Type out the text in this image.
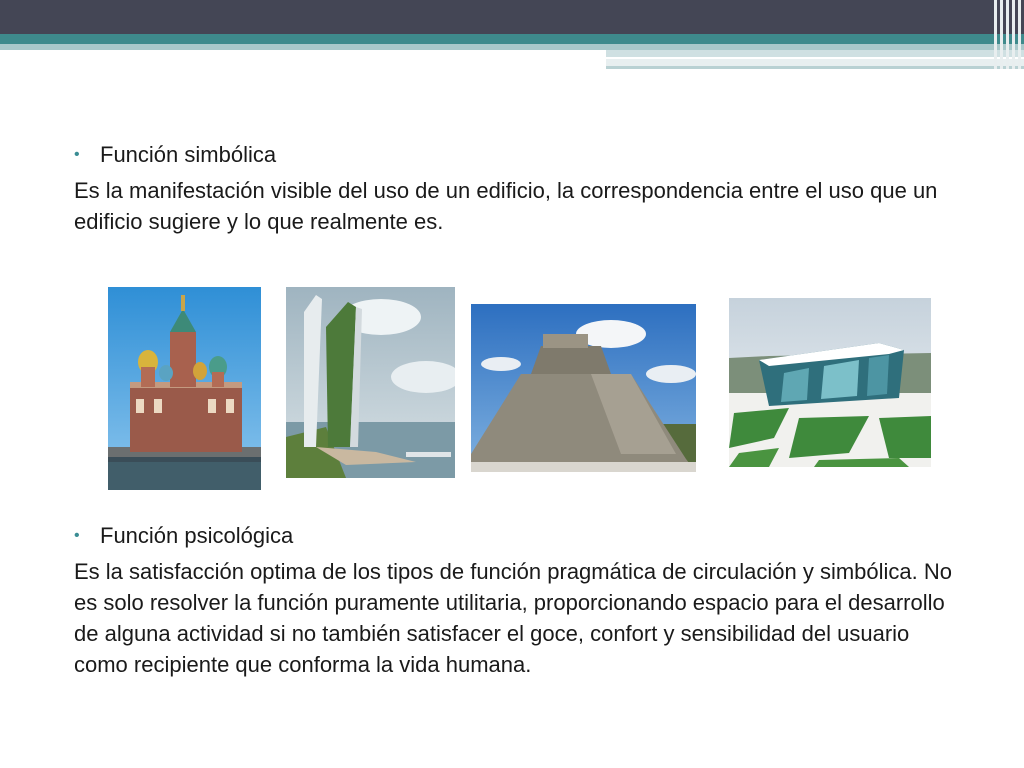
• Función simbólica

Es la manifestación visible del uso de un edificio, la correspondencia entre el uso que un edificio sugiere y lo que realmente es.

• Función psicológica

Es la satisfacción optima de los tipos de función pragmática de circulación y simbólica. No es solo resolver la función puramente utilitaria, proporcionando espacio para el desarrollo de alguna actividad si no también satisfacer el goce, confort y sensibilidad del usuario como recipiente que conforma la vida humana.
